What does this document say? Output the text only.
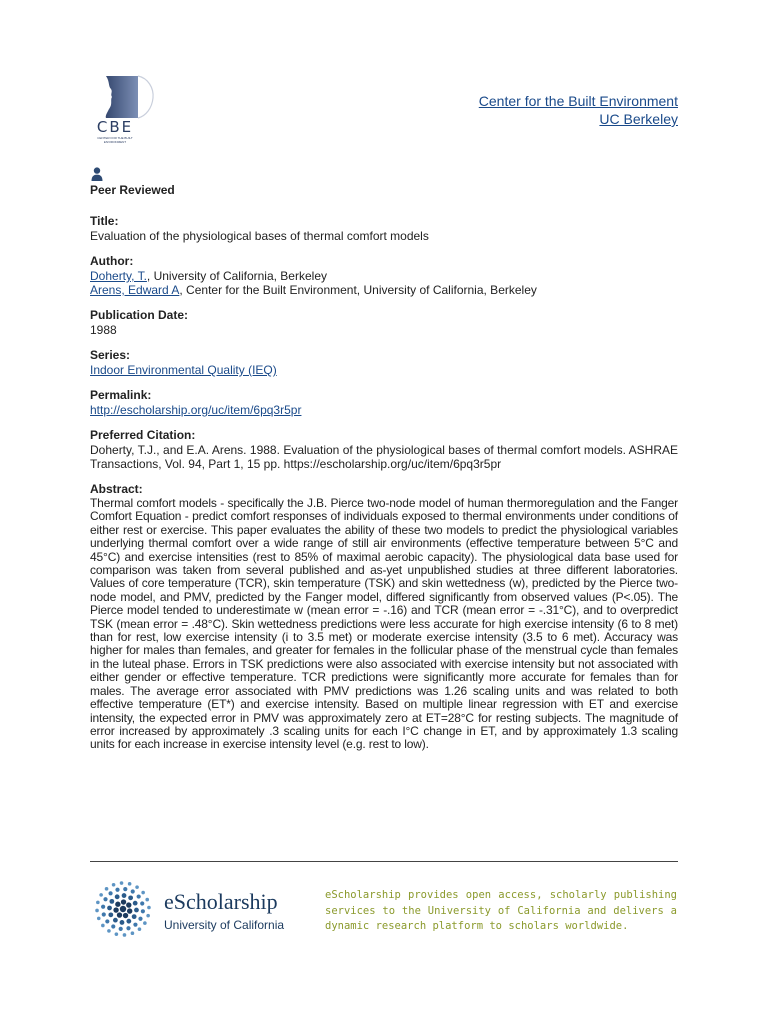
CBE
CENTER FOR THE BUILT ENVIRONMENT
Center for the Built Environment
UC Berkeley
Peer Reviewed
Title:
Evaluation of the physiological bases of thermal comfort models
Author:
Doherty, T., University of California, Berkeley
Arens, Edward A, Center for the Built Environment, University of California, Berkeley
Publication Date:
1988
Series:
Indoor Environmental Quality (IEQ)
Permalink:
http://escholarship.org/uc/item/6pq3r5pr
Preferred Citation:
Doherty, T.J., and E.A. Arens. 1988. Evaluation of the physiological bases of thermal comfort models. ASHRAE Transactions, Vol. 94, Part 1, 15 pp. https://escholarship.org/uc/item/6pq3r5pr
Abstract:
Thermal comfort models - specifically the J.B. Pierce two-node model of human thermoregulation and the Fanger Comfort Equation - predict comfort responses of individuals exposed to thermal environments under conditions of either rest or exercise. This paper evaluates the ability of these two models to predict the physiological variables underlying thermal comfort over a wide range of still air environments (effective temperature between 5°C and 45°C) and exercise intensities (rest to 85% of maximal aerobic capacity). The physiological data base used for comparison was taken from several published and as-yet unpublished studies at three different laboratories. Values of core temperature (TCR), skin temperature (TSK) and skin wettedness (w), predicted by the Pierce two-node model, and PMV, predicted by the Fanger model, differed significantly from observed values (P<.05). The Pierce model tended to underestimate w (mean error = -.16) and TCR (mean error = -.31°C), and to overpredict TSK (mean error = .48°C). Skin wettedness predictions were less accurate for high exercise intensity (6 to 8 met) than for rest, low exercise intensity (i to 3.5 met) or moderate exercise intensity (3.5 to 6 met). Accuracy was higher for males than females, and greater for females in the follicular phase of the menstrual cycle than females in the luteal phase. Errors in TSK predictions were also associated with exercise intensity but not associated with either gender or effective temperature. TCR predictions were significantly more accurate for females than for males. The average error associated with PMV predictions was 1.26 scaling units and was related to both effective temperature (ET*) and exercise intensity. Based on multiple linear regression with ET and exercise intensity, the expected error in PMV was approximately zero at ET=28°C for resting subjects. The magnitude of error increased by approximately .3 scaling units for each I°C change in ET, and by approximately 1.3 scaling units for each increase in exercise intensity level (e.g. rest to low).
eScholarship
University of California
eScholarship provides open access, scholarly publishing services to the University of California and delivers a dynamic research platform to scholars worldwide.
